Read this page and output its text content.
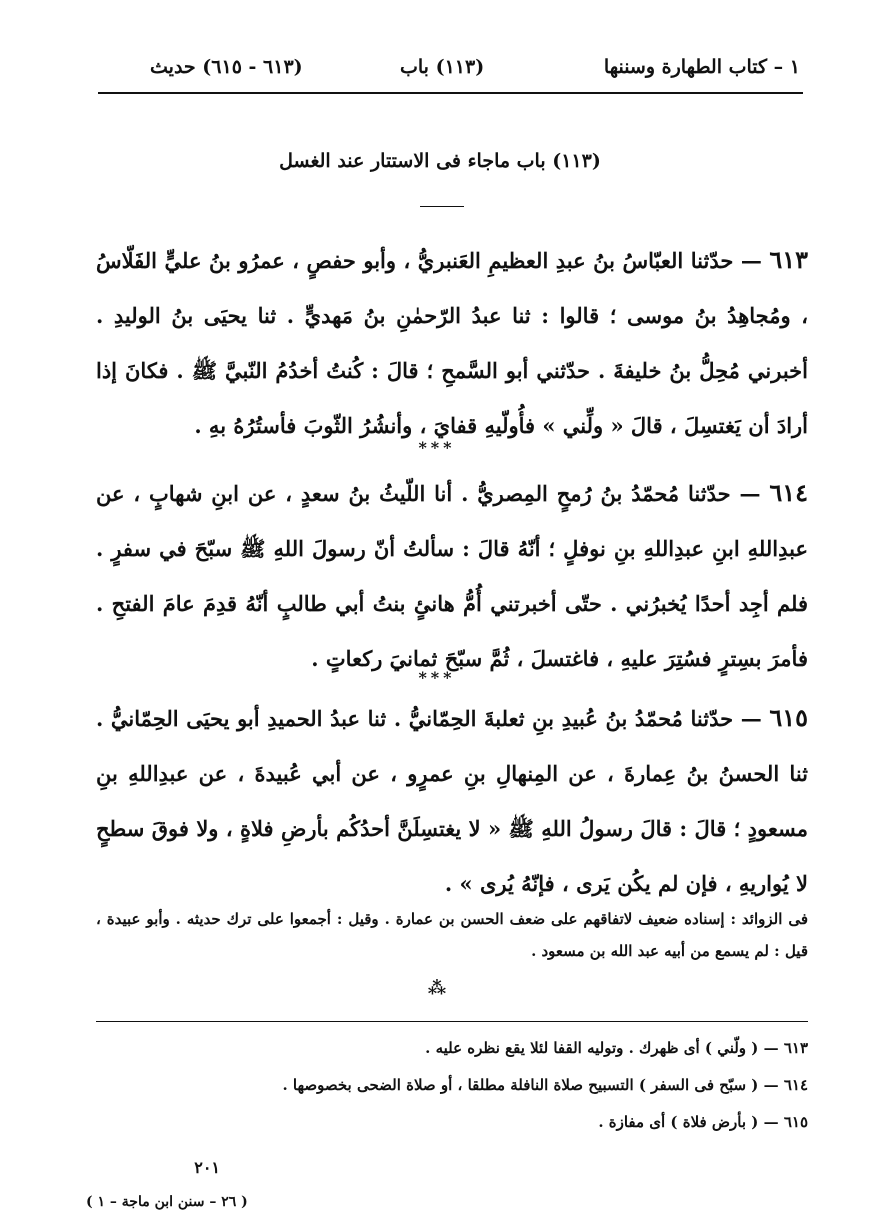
١ – كتاب الطهارة وسننها
(١١٣) باب
(٦١٣ - ٦١٥) حديث
(١١٣) باب ماجاء فى الاستتار عند الغسل
٦١٣ — حدّثنا العبّاسُ بنُ عبدِ العظيمِ العَنبريُّ ، وأبو حفصٍ ، عمرُو بنُ عليٍّ الفَلّاسُ ، ومُجاهِدُ بنُ موسى ؛ قالوا : ثنا عبدُ الرّحمٰنِ بنُ مَهديٍّ . ثنا يحيَى بنُ الوليدِ . أخبرني مُحِلُّ بنُ خليفةَ . حدّثني أبو السَّمحِ ؛ قالَ : كُنتُ أخدُمُ النّبيَّ ﷺ . فكانَ إذا أرادَ أن يَغتسِلَ ، قالَ « ولِّني » فأُولّيهِ قفايَ ، وأنشُرُ الثّوبَ فأستُرُهُ بهِ .
***
٦١٤ — حدّثنا مُحمّدُ بنُ رُمحٍ المِصريُّ . أنا اللّيثُ بنُ سعدٍ ، عن ابنِ شهابٍ ، عن عبدِاللهِ ابنِ عبدِاللهِ بنِ نوفلٍ ؛ أنّهُ قالَ : سألتُ أنّ رسولَ اللهِ ﷺ سبّحَ في سفرٍ . فلم أجِد أحدًا يُخبرُني . حتّى أخبرتني أُمُّ هانئٍ بنتُ أبي طالبٍ أنّهُ قدِمَ عامَ الفتحِ . فأمرَ بسِترٍ فسُتِرَ عليهِ ، فاغتسلَ ، ثُمَّ سبّحَ ثمانيَ ركعاتٍ .
***
٦١٥ — حدّثنا مُحمّدُ بنُ عُبيدِ بنِ ثعلبةَ الحِمّانيُّ . ثنا عبدُ الحميدِ أبو يحيَى الحِمّانيُّ . ثنا الحسنُ بنُ عِمارةَ ، عن المِنهالِ بنِ عمرٍو ، عن أبي عُبيدةَ ، عن عبدِاللهِ بنِ مسعودٍ ؛ قالَ : قالَ رسولُ اللهِ ﷺ « لا يغتسِلَنَّ أحدُكُم بأرضِ فلاةٍ ، ولا فوقَ سطحٍ لا يُواريهِ ، فإن لم يكُن يَرى ، فإنّهُ يُرى » .
فى الزوائد : إسناده ضعيف لاتفاقهم على ضعف الحسن بن عمارة . وقيل : أجمعوا على ترك حديثه . وأبو عبيدة ، قيل : لم يسمع من أبيه عبد الله بن مسعود .
⁂
٦١٣ — ( ولّني ) أى ظهرك . وتوليه القفا لئلا يقع نظره عليه .
٦١٤ — ( سبّح فى السفر ) التسبيح صلاة النافلة مطلقا ، أو صلاة الضحى بخصوصها .
٦١٥ — ( بأرض فلاة ) أى مفازة .
٢٠١
( ٢٦ – سنن ابن ماجة – ١ )
